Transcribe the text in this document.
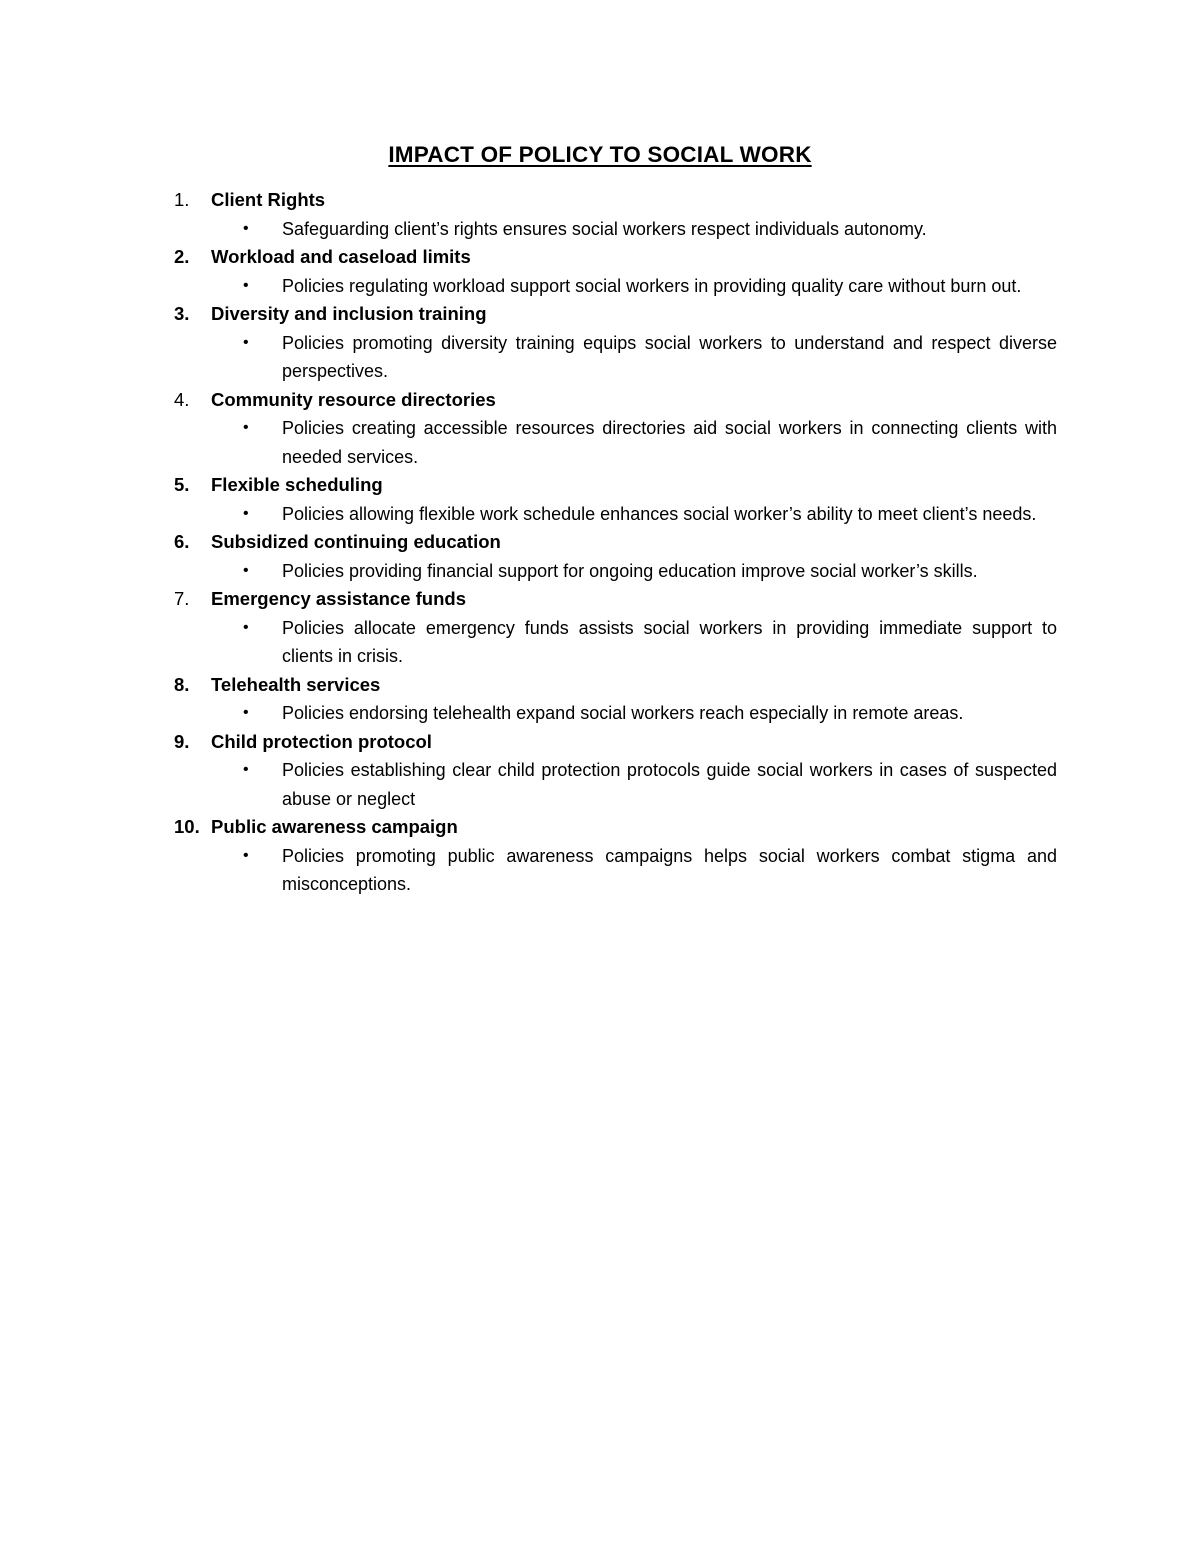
IMPACT OF POLICY TO SOCIAL WORK
1.	Client Rights
•	Safeguarding client’s rights ensures social workers respect individuals autonomy.
2.	Workload and caseload limits
•	Policies regulating workload support social workers in providing quality care without burn out.
3.	Diversity and inclusion training
•	Policies promoting diversity training equips social workers to understand and respect diverse perspectives.
4.	Community resource directories
•	Policies creating accessible resources directories aid social workers in connecting clients with needed services.
5.	Flexible scheduling
•	Policies allowing flexible work schedule enhances social worker’s ability to meet client’s needs.
6.	Subsidized continuing education
•	Policies providing financial support for ongoing education improve social worker’s skills.
7.	Emergency assistance funds
•	Policies allocate emergency funds assists social workers in providing immediate support to clients in crisis.
8.	Telehealth services
•	Policies endorsing telehealth expand social workers reach especially in remote areas.
9.	Child protection protocol
•	Policies establishing clear child protection protocols guide social workers in cases of suspected abuse or neglect
10. Public awareness campaign
•	Policies promoting public awareness campaigns helps social workers combat stigma and misconceptions.
